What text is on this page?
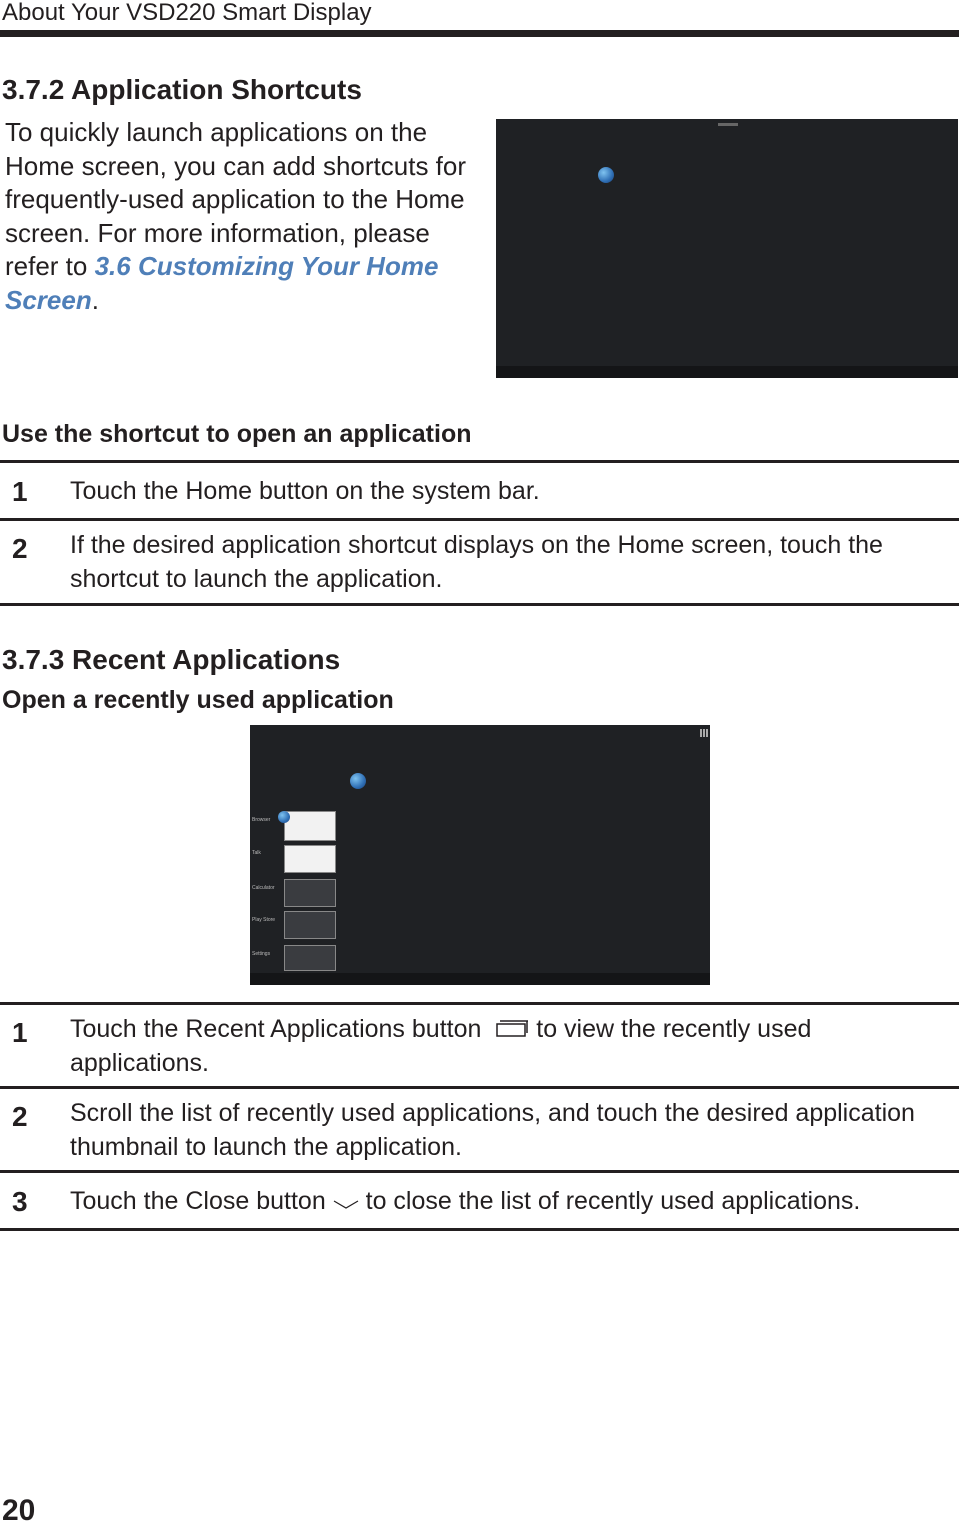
About Your VSD220 Smart Display
3.7.2 Application Shortcuts
To quickly launch applications on the Home screen, you can add shortcuts for frequently-used application to the Home screen. For more information, please refer to 3.6 Customizing Your Home Screen.
Use the shortcut to open an application
1 Touch the Home button on the system bar.
2 If the desired application shortcut displays on the Home screen, touch the shortcut to launch the application.
3.7.3 Recent Applications
Open a recently used application
Browser
Talk
Calculator
Play Store
Settings
1 Touch the Recent Applications button   to view the recently used applications.
2 Scroll the list of recently used applications, and touch the desired application thumbnail to launch the application.
3 Touch the Close button  to close the list of recently used applications.
20
